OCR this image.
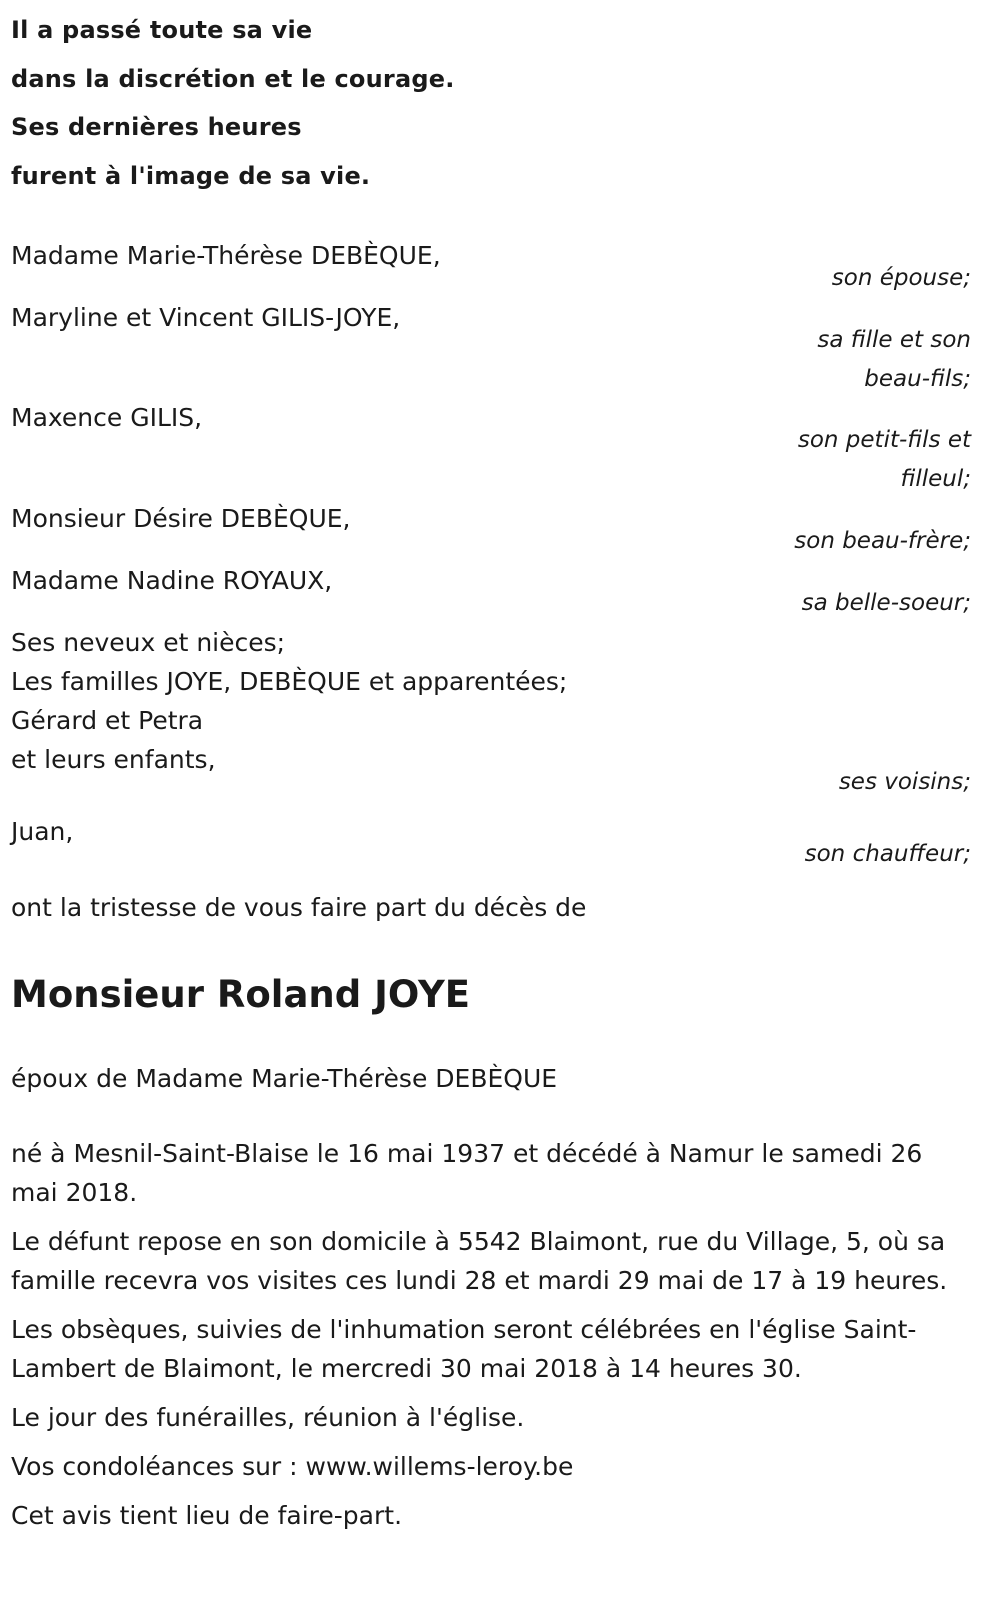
Il a passé toute sa vie
dans la discrétion et le courage.
Ses dernières heures
furent à l'image de sa vie.
Madame Marie-Thérèse DEBÈQUE,
son épouse;
Maryline et Vincent GILIS-JOYE,
sa fille et son beau-fils;
Maxence GILIS,
son petit-fils et filleul;
Monsieur Désire DEBÈQUE,
son beau-frère;
Madame Nadine ROYAUX,
sa belle-soeur;
Ses neveux et nièces;
Les familles JOYE, DEBÈQUE et apparentées;
Gérard et Petra
et leurs enfants,
ses voisins;
Juan,
son chauffeur;
ont la tristesse de vous faire part du décès de
Monsieur Roland JOYE
époux de Madame Marie-Thérèse DEBÈQUE

né à Mesnil-Saint-Blaise le 16 mai 1937 et décédé à Namur le samedi 26 mai 2018.

Le défunt repose en son domicile à 5542 Blaimont, rue du Village, 5, où sa famille recevra vos visites ces lundi 28 et mardi 29 mai de 17 à 19 heures.

Les obsèques, suivies de l'inhumation seront célébrées en l'église Saint-Lambert de Blaimont, le mercredi 30 mai 2018 à 14 heures 30.

Le jour des funérailles, réunion à l'église.

Vos condoléances sur : www.willems-leroy.be

Cet avis tient lieu de faire-part.
